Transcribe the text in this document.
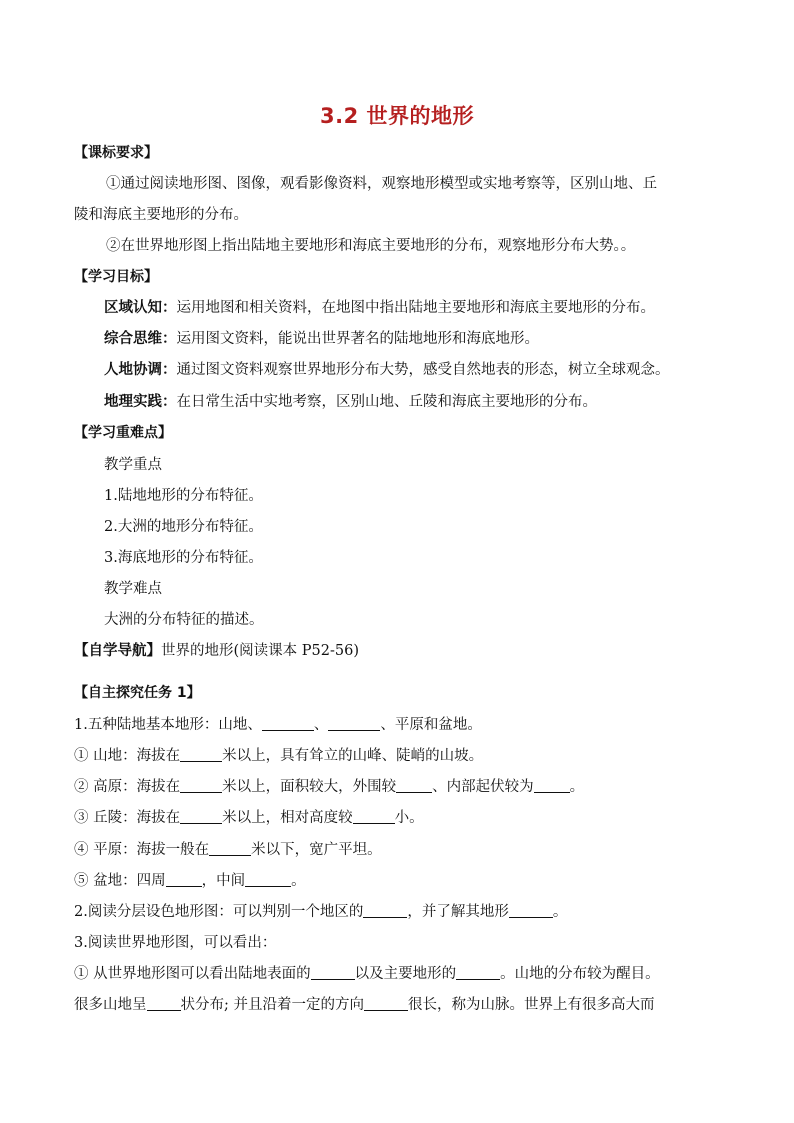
3.2 世界的地形
【课标要求】
①通过阅读地形图、图像，观看影像资料，观察地形模型或实地考察等，区别山地、丘
陵和海底主要地形的分布。
②在世界地形图上指出陆地主要地形和海底主要地形的分布，观察地形分布大势。。
【学习目标】
区域认知：运用地图和相关资料，在地图中指出陆地主要地形和海底主要地形的分布。
综合思维：运用图文资料，能说出世界著名的陆地地形和海底地形。
人地协调：通过图文资料观察世界地形分布大势，感受自然地表的形态，树立全球观念。
地理实践：在日常生活中实地考察，区别山地、丘陵和海底主要地形的分布。
【学习重难点】
教学重点
1.陆地地形的分布特征。
2.大洲的地形分布特征。
3.海底地形的分布特征。
教学难点
大洲的分布特征的描述。
【自学导航】世界的地形(阅读课本 P52-56)
【自主探究任务 1】
1.五种陆地基本地形：山地、	、	、平原和盆地。
① 山地：海拔在	米以上，具有耸立的山峰、陡峭的山坡。
② 高原：海拔在	米以上，面积较大，外围较 、内部起伏较为 。
③ 丘陵：海拔在	米以上，相对高度较	小。
④ 平原：海拔一般在	米以下，宽广平坦。
⑤ 盆地：四周 ，中间	。
2.阅读分层设色地形图：可以判别一个地区的	，并了解其地形	。
3.阅读世界地形图，可以看出：
① 从世界地形图可以看出陆地表面的	以及主要地形的	。山地的分布较为醒目。
很多山地呈 状分布; 并且沿着一定的方向	很长，称为山脉。世界上有很多高大而
